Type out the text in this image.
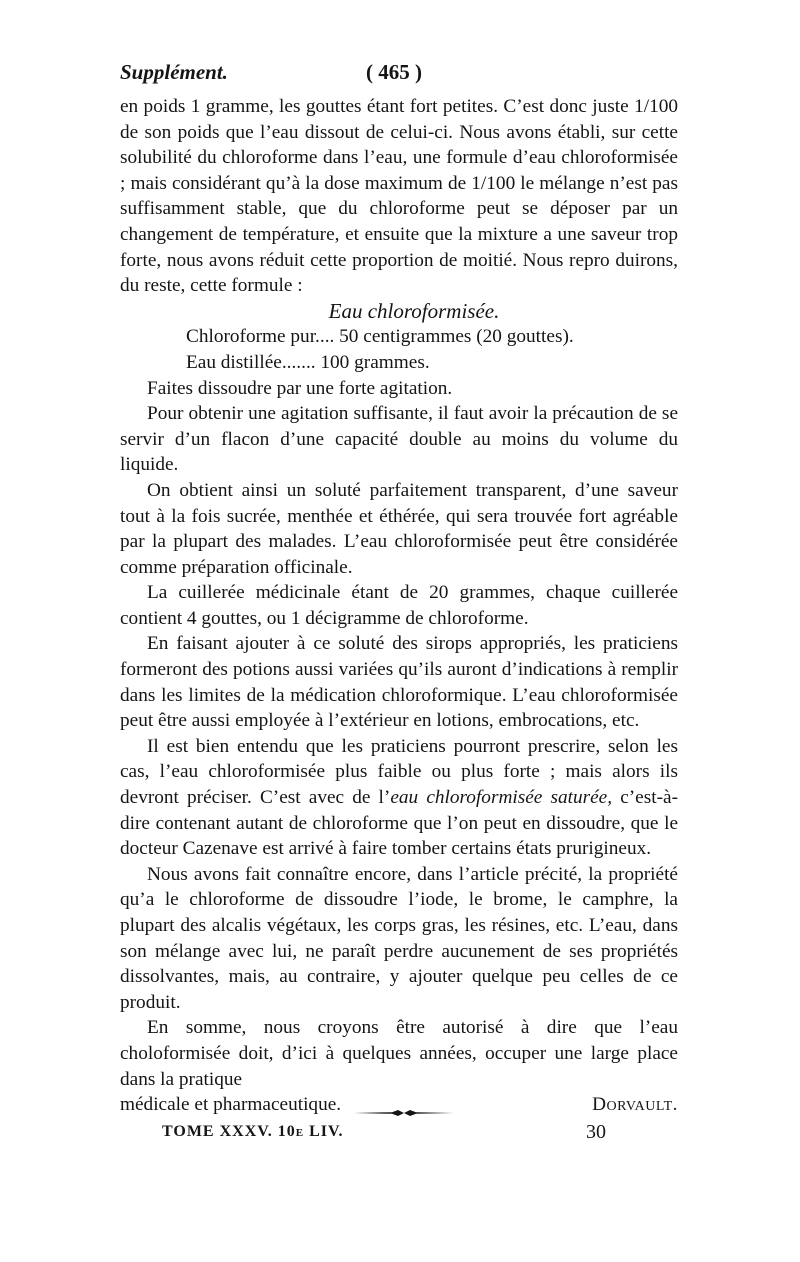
Supplément.	( 465 )

en poids 1 gramme, les gouttes étant fort petites. C’est donc juste 1/100 de son poids que l’eau dissout de celui-ci. Nous avons établi, sur cette solubilité du chloroforme dans l’eau, une formule d’eau chloroformisée ; mais considérant qu’à la dose maximum de 1/100 le mélange n’est pas suffisamment stable, que du chloroforme peut se déposer par un changement de température, et ensuite que la mixture a une saveur trop forte, nous avons réduit cette proportion de moitié. Nous repro duirons, du reste, cette formule :

Eau chloroformisée.

Chloroforme pur.... 50 centigrammes (20 gouttes).

Eau distillée....... 100 grammes.

Faites dissoudre par une forte agitation.

Pour obtenir une agitation suffisante, il faut avoir la précaution de se servir d’un flacon d’une capacité double au moins du volume du liquide.

On obtient ainsi un soluté parfaitement transparent, d’une saveur tout à la fois sucrée, menthée et éthérée, qui sera trouvée fort agréable par la plupart des malades. L’eau chloroformisée peut être considérée comme préparation officinale.

La cuillerée médicinale étant de 20 grammes, chaque cuillerée contient 4 gouttes, ou 1 décigramme de chloroforme.

En faisant ajouter à ce soluté des sirops appropriés, les praticiens formeront des potions aussi variées qu’ils auront d’indications à remplir dans les limites de la médication chloroformique. L’eau chloroformisée peut être aussi employée à l’extérieur en lotions, embrocations, etc.

Il est bien entendu que les praticiens pourront prescrire, selon les cas, l’eau chloroformisée plus faible ou plus forte ; mais alors ils devront préciser. C’est avec de l’eau chloroformisée saturée, c’est-à-dire contenant autant de chloroforme que l’on peut en dissoudre, que le docteur Cazenave est arrivé à faire tomber certains états prurigineux.

Nous avons fait connaître encore, dans l’article précité, la propriété qu’a le chloroforme de dissoudre l’iode, le brome, le camphre, la plupart des alcalis végétaux, les corps gras, les résines, etc. L’eau, dans son mélange avec lui, ne paraît perdre aucunement de ses propriétés dissolvantes, mais, au contraire, y ajouter quelque peu celles de ce produit.

En somme, nous croyons être autorisé à dire que l’eau choloformisée doit, d’ici à quelques années, occuper une large place dans la pratique

médicale et pharmaceutique.	Dorvault.

TOME XXXV. 10e LIV.	30
